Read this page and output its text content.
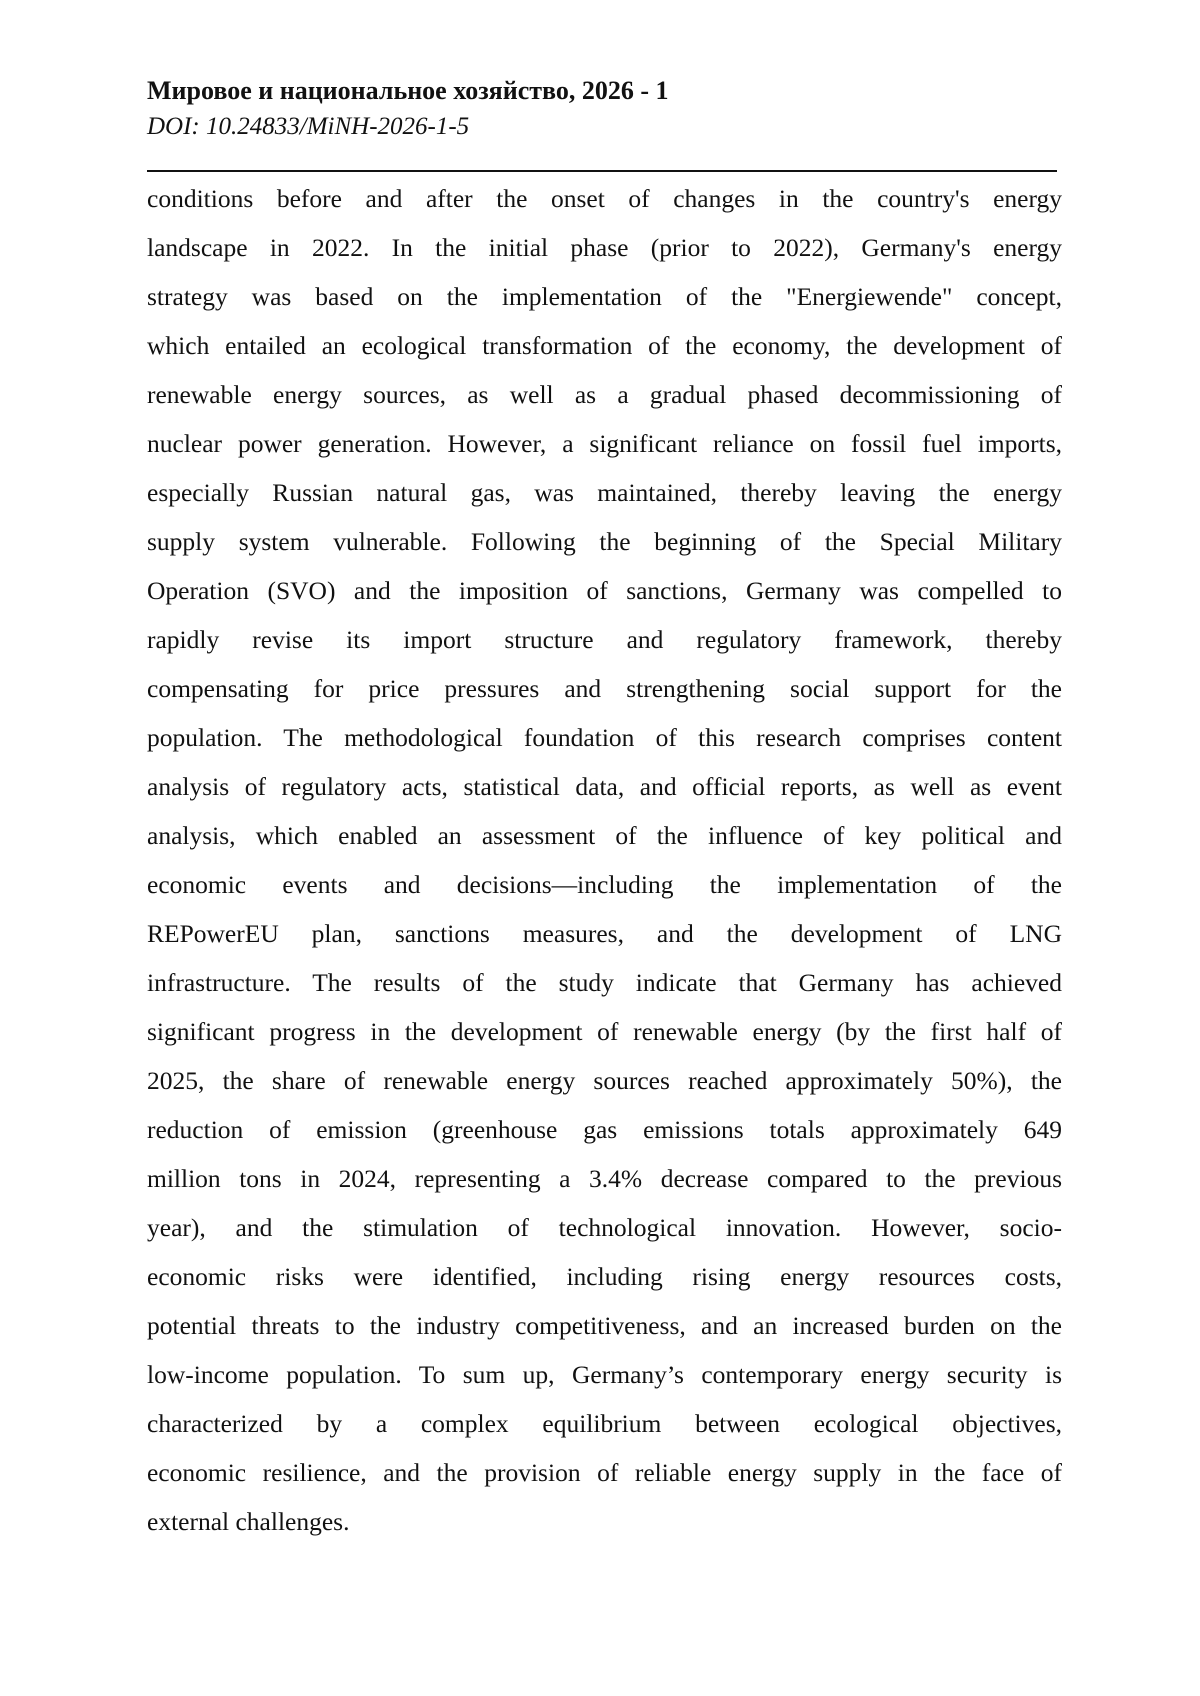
Мировое и национальное хозяйство, 2026 - 1
DOI: 10.24833/MiNH-2026-1-5
conditions before and after the onset of changes in the country's energy
landscape in 2022. In the initial phase (prior to 2022), Germany's energy
strategy was based on the implementation of the "Energiewende" concept,
which entailed an ecological transformation of the economy, the development of
renewable energy sources, as well as a gradual phased decommissioning of
nuclear power generation. However, a significant reliance on fossil fuel imports,
especially Russian natural gas, was maintained, thereby leaving the energy
supply system vulnerable. Following the beginning of the Special Military
Operation (SVO) and the imposition of sanctions, Germany was compelled to
rapidly revise its import structure and regulatory framework, thereby
compensating for price pressures and strengthening social support for the
population. The methodological foundation of this research comprises content
analysis of regulatory acts, statistical data, and official reports, as well as event
analysis, which enabled an assessment of the influence of key political and
economic events and decisions—including the implementation of the
REPowerEU plan, sanctions measures, and the development of LNG
infrastructure. The results of the study indicate that Germany has achieved
significant progress in the development of renewable energy (by the first half of
2025, the share of renewable energy sources reached approximately 50%), the
reduction of emission (greenhouse gas emissions totals approximately 649
million tons in 2024, representing a 3.4% decrease compared to the previous
year), and the stimulation of technological innovation. However, socio-
economic risks were identified, including rising energy resources costs,
potential threats to the industry competitiveness, and an increased burden on the
low-income population. To sum up, Germany’s contemporary energy security is
characterized by a complex equilibrium between ecological objectives,
economic resilience, and the provision of reliable energy supply in the face of
external challenges.
